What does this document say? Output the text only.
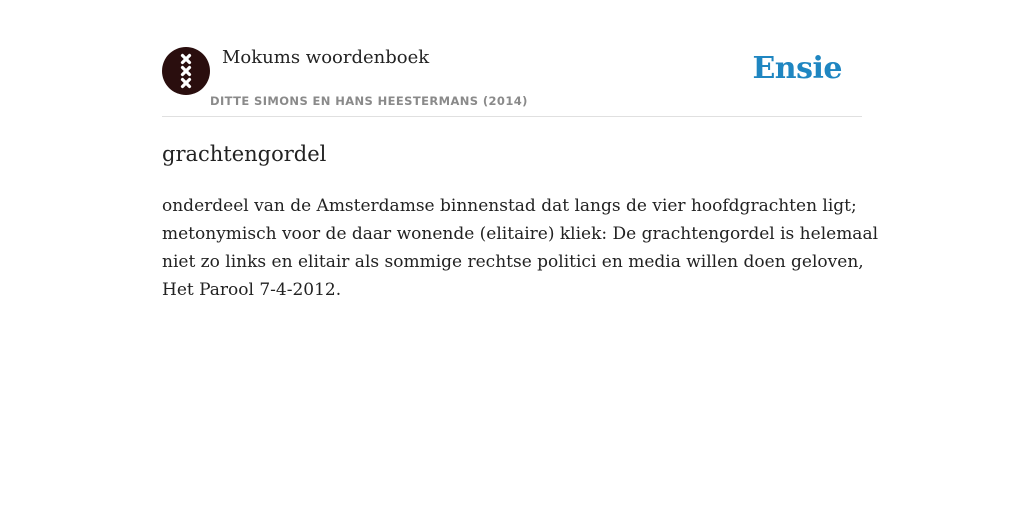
Mokums woordenboek
DITTE SIMONS EN HANS HEESTERMANS (2014)
Ensie
grachtengordel

onderdeel van de Amsterdamse binnenstad dat langs de vier hoofdgrachten ligt;
metonymisch voor de daar wonende (elitaire) kliek: De grachtengordel is helemaal
niet zo links en elitair als sommige rechtse politici en media willen doen geloven,
Het Parool 7-4-2012.
